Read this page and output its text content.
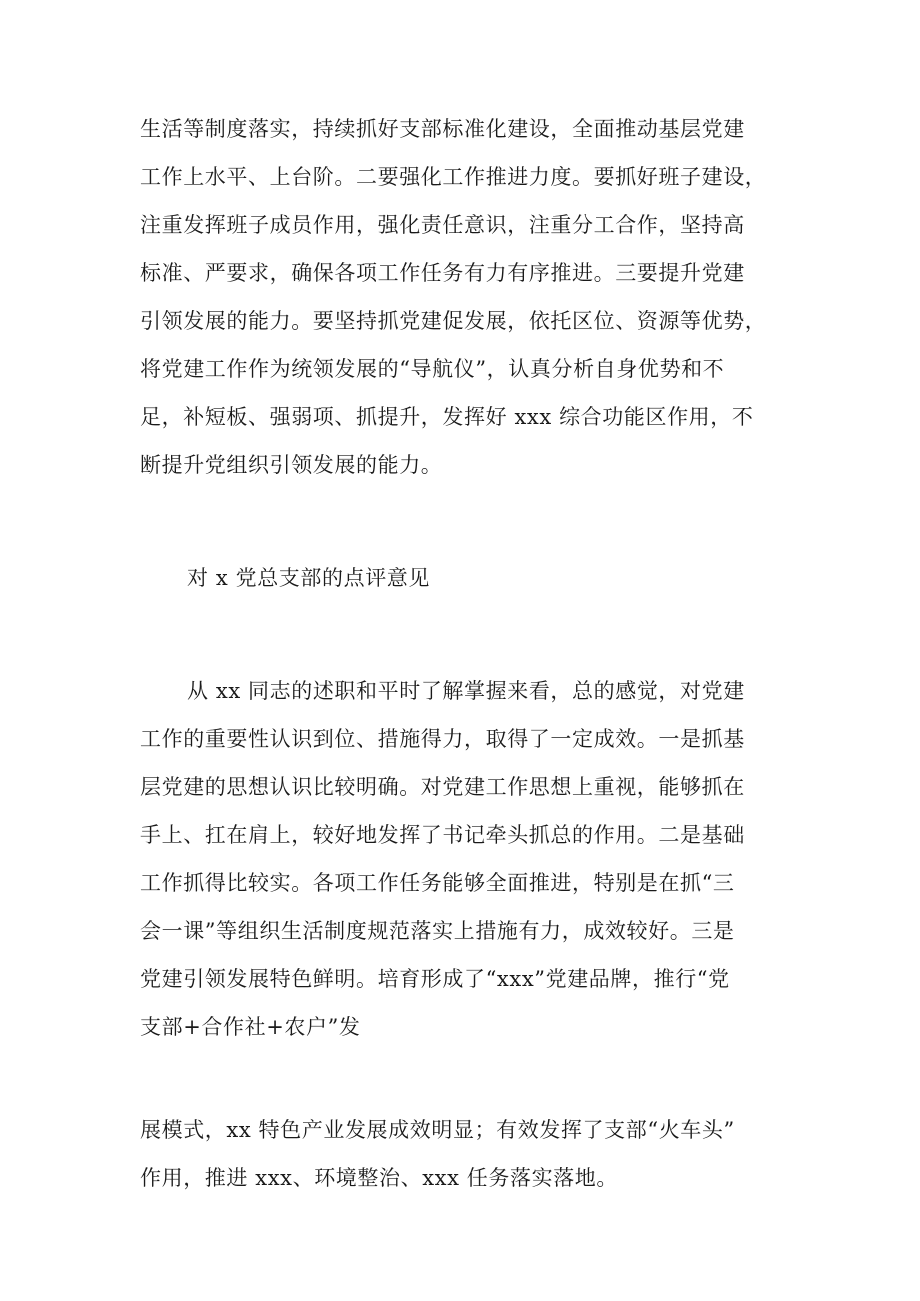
生活等制度落实，持续抓好支部标准化建设，全面推动基层党建
工作上水平、上台阶。二要强化工作推进力度。要抓好班子建设，
注重发挥班子成员作用，强化责任意识，注重分工合作，坚持高
标准、严要求，确保各项工作任务有力有序推进。三要提升党建
引领发展的能力。要坚持抓党建促发展，依托区位、资源等优势，
将党建工作作为统领发展的“导航仪”，认真分析自身优势和不
足，补短板、强弱项、抓提升，发挥好 xxx 综合功能区作用，不
断提升党组织引领发展的能力。
对 x 党总支部的点评意见
从 xx 同志的述职和平时了解掌握来看，总的感觉，对党建
工作的重要性认识到位、措施得力，取得了一定成效。一是抓基
层党建的思想认识比较明确。对党建工作思想上重视，能够抓在
手上、扛在肩上，较好地发挥了书记牵头抓总的作用。二是基础
工作抓得比较实。各项工作任务能够全面推进，特别是在抓“三
会一课”等组织生活制度规范落实上措施有力，成效较好。三是
党建引领发展特色鲜明。培育形成了“xxx”党建品牌，推行“党
支部+合作社+农户”发
展模式，xx 特色产业发展成效明显；有效发挥了支部“火车头”
作用，推进 xxx、环境整治、xxx 任务落实落地。
